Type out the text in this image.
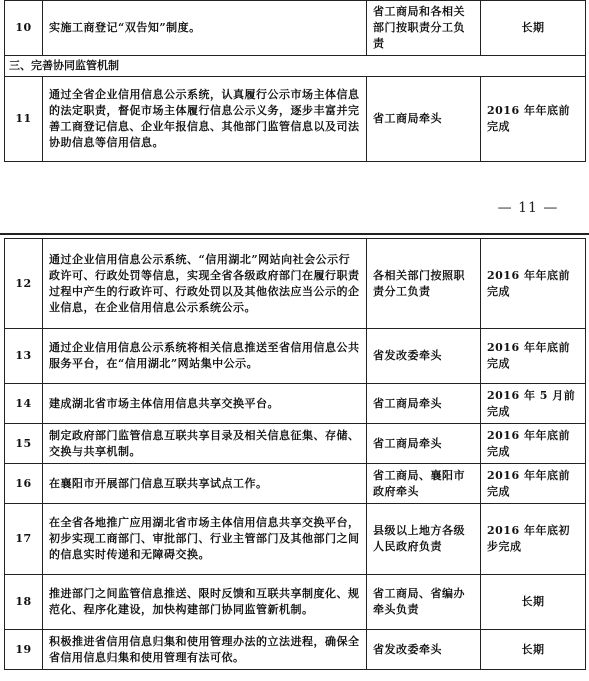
10	实施工商登记“双告知”制度。	省工商局和各相关部门按职责分工负责	长期
三、完善协同监管机制			
11	通过全省企业信用信息公示系统，认真履行公示市场主体信息的法定职责，督促市场主体履行信息公示义务，逐步丰富并完善工商登记信息、企业年报信息、其他部门监管信息以及司法协助信息等信用信息。	省工商局牵头	2016 年年底前完成
— 11 —
12	通过企业信用信息公示系统、“信用湖北”网站向社会公示行政许可、行政处罚等信息，实现全省各级政府部门在履行职责过程中产生的行政许可、行政处罚以及其他依法应当公示的企业信息，在企业信用信息公示系统公示。	各相关部门按照职责分工负责	2016 年年底前完成
13	通过企业信用信息公示系统将相关信息推送至省信用信息公共服务平台，在“信用湖北”网站集中公示。	省发改委牵头	2016 年年底前完成
14	建成湖北省市场主体信用信息共享交换平台。	省工商局牵头	2016 年 5 月前完成
15	制定政府部门监管信息互联共享目录及相关信息征集、存储、交换与共享机制。	省工商局牵头	2016 年年底前完成
16	在襄阳市开展部门信息互联共享试点工作。	省工商局、襄阳市政府牵头	2016 年年底前完成
17	在全省各地推广应用湖北省市场主体信用信息共享交换平台，初步实现工商部门、审批部门、行业主管部门及其他部门之间的信息实时传递和无障碍交换。	县级以上地方各级人民政府负责	2016 年年底初步完成
18	推进部门之间监管信息推送、限时反馈和互联共享制度化、规范化、程序化建设，加快构建部门协同监管新机制。	省工商局、省编办牵头负责	长期
19	积极推进省信用信息归集和使用管理办法的立法进程，确保全省信用信息归集和使用管理有法可依。	省发改委牵头	长期
